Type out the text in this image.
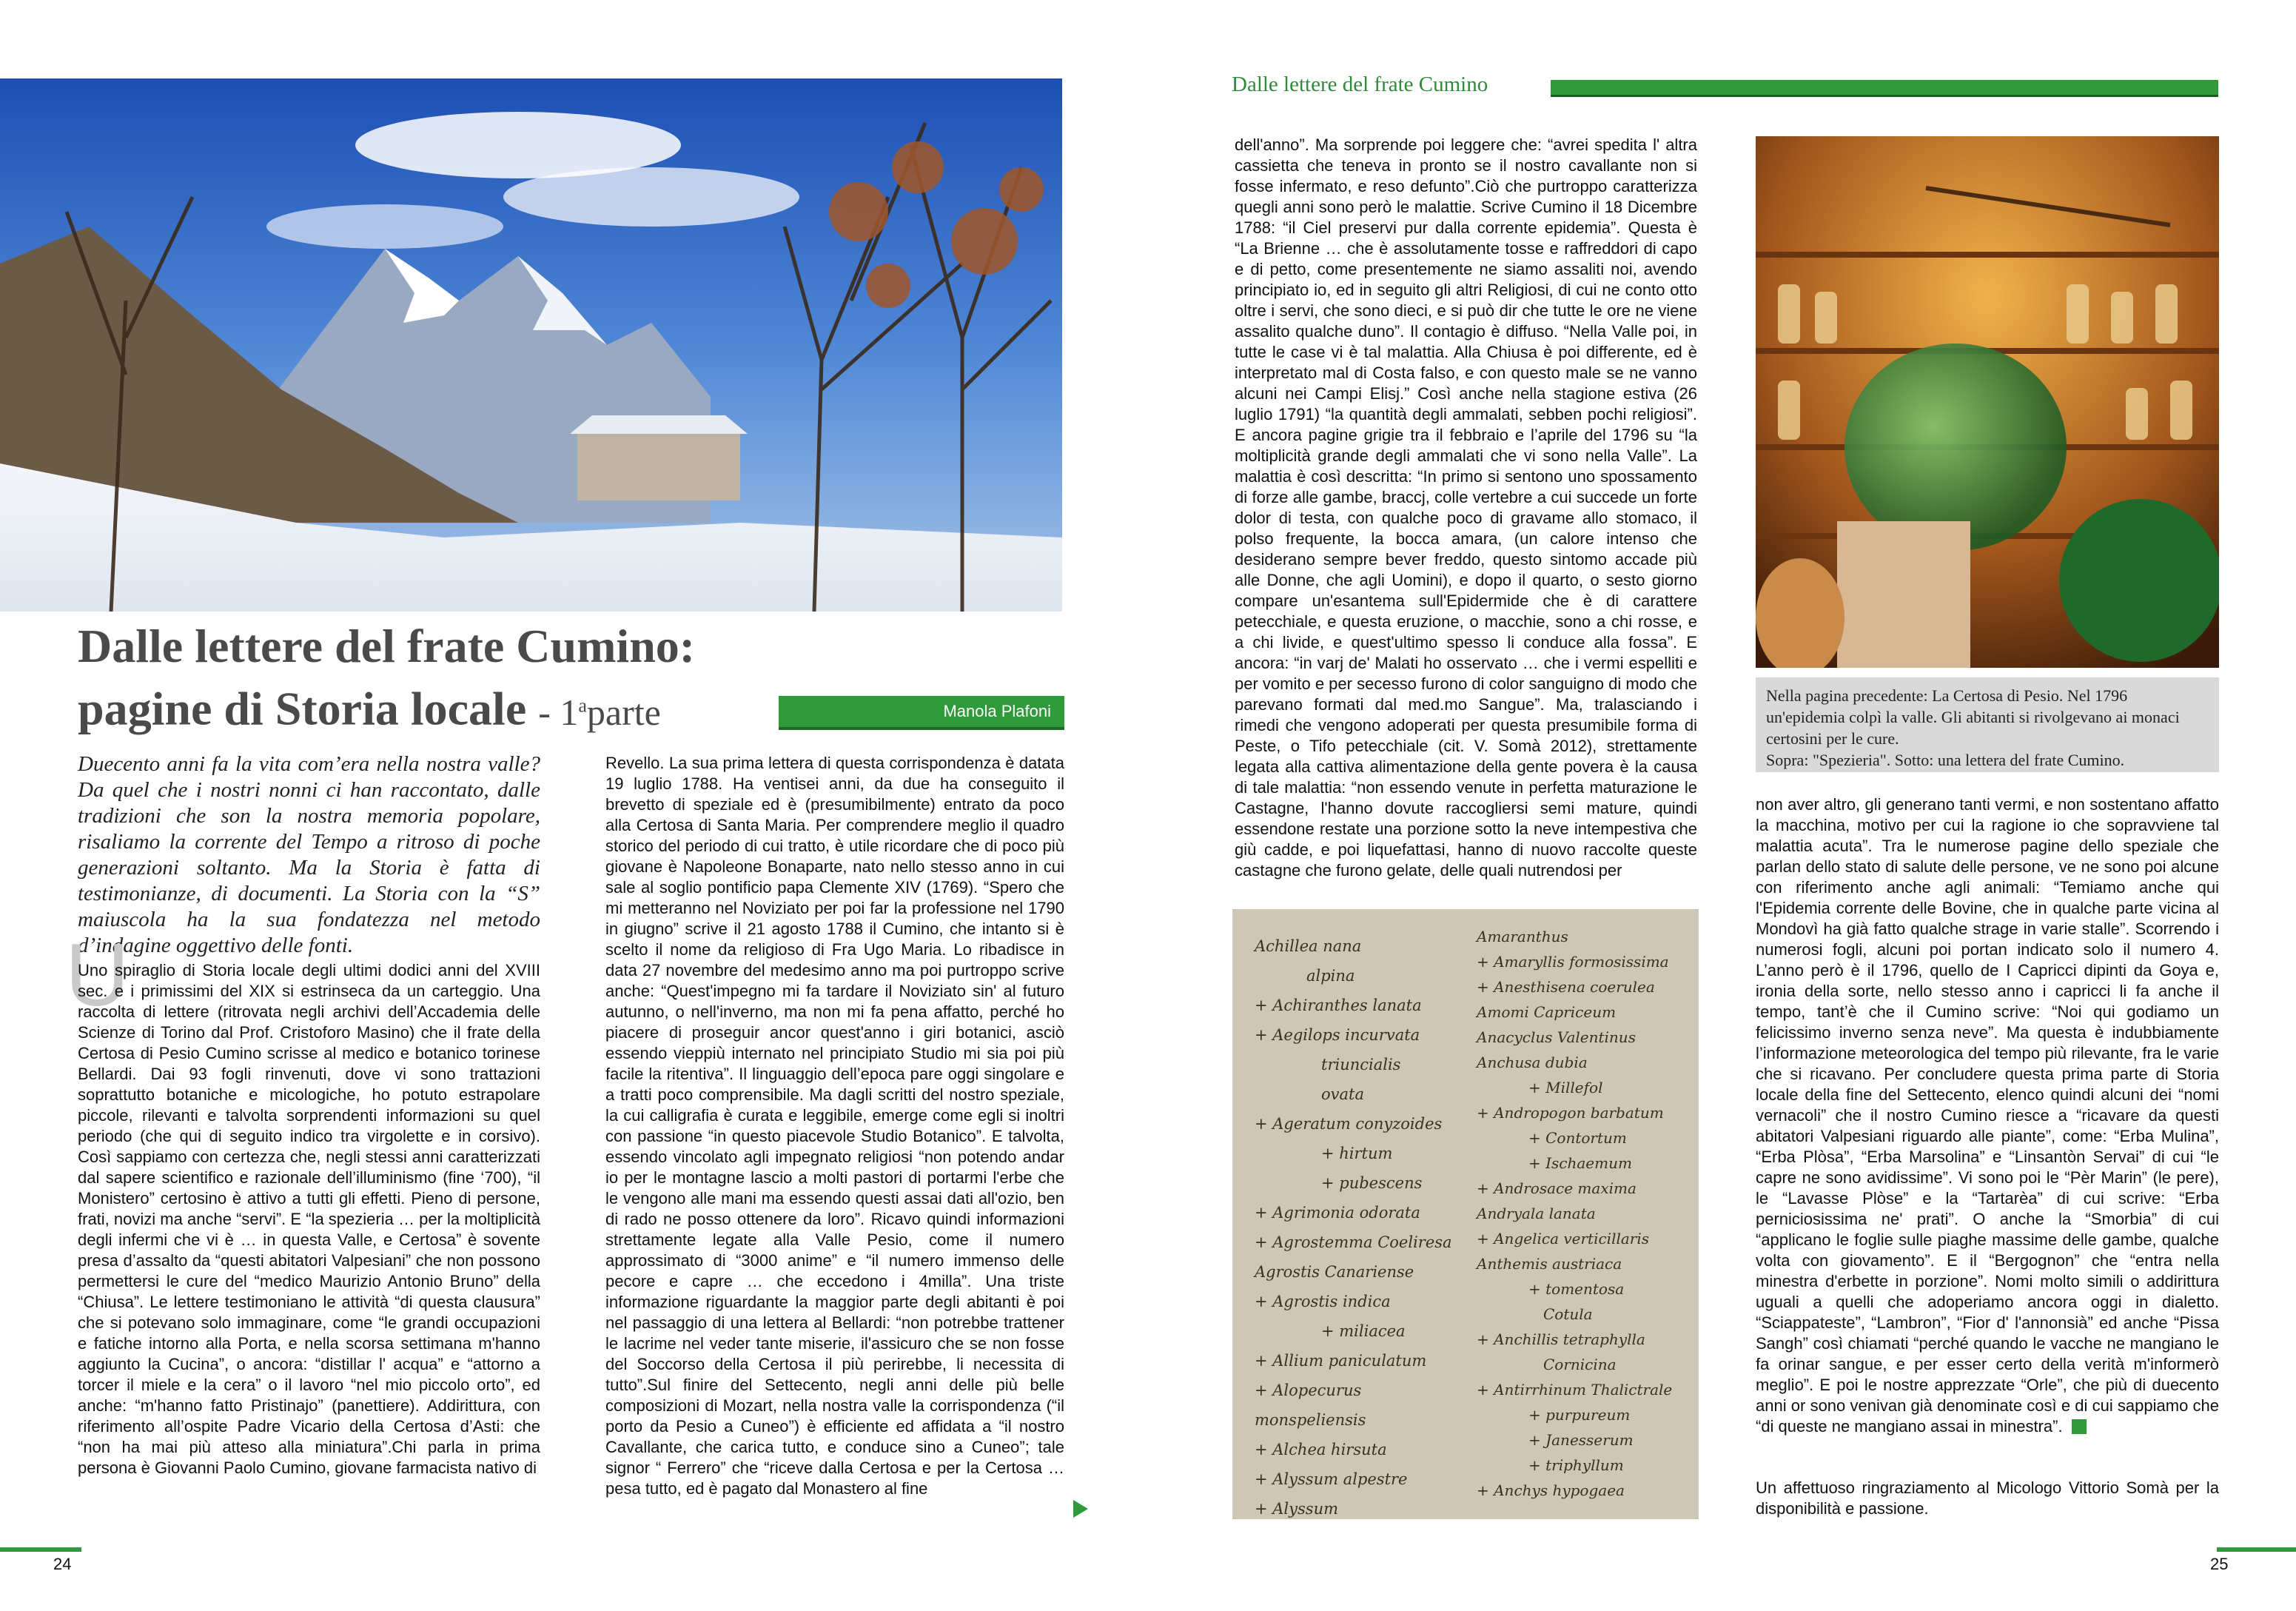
Dalle lettere del frate Cumino:
pagine di Storia locale - 1$^a$parte	Manola Plafoni
Duecento anni fa la vita com’era nella nostra valle? Da quel che i nostri nonni ci han raccontato, dalle tradizioni che son la nostra memoria popolare, risaliamo la corrente del Tempo a ritroso di poche generazioni soltanto. Ma la Storia è fatta di testimonianze, di documenti. La Storia con la “S” maiuscola ha la sua fondatezza nel metodo d’indagine oggettivo delle fonti.
U
Uno spiraglio di Storia locale degli ultimi dodici anni del XVIII sec. e i primissimi del XIX si estrinseca da un carteggio. Una raccolta di lettere (ritrovata negli archivi dell’Accademia delle Scienze di Torino dal Prof. Cristoforo Masino) che il frate della Certosa di Pesio Cumino scrisse al medico e botanico torinese Bellardi. Dai 93 fogli rinvenuti, dove vi sono trattazioni soprattutto botaniche e micologiche, ho potuto estrapolare piccole, rilevanti e talvolta sorprendenti informazioni su quel periodo (che qui di seguito indico tra virgolette e in corsivo). Così sappiamo con certezza che, negli stessi anni caratterizzati dal sapere scientifico e razionale dell’illuminismo (fine ‘700), “il Monistero” certosino è attivo a tutti gli effetti. Pieno di persone, frati, novizi ma anche “servi”. E “la spezieria … per la moltiplicità degli infermi che vi è … in questa Valle, e Certosa” è sovente presa d’assalto da “questi abitatori Valpesiani” che non possono permettersi le cure del “medico Maurizio Antonio Bruno” della “Chiusa”. Le lettere testimoniano le attività “di questa clausura” che si potevano solo immaginare, come “le grandi occupazioni e fatiche intorno alla Porta, e nella scorsa settimana m'hanno aggiunto la Cucina”, o ancora: “distillar l' acqua” e “attorno a torcer il miele e la cera” o il lavoro “nel mio piccolo orto”, ed anche: “m'hanno fatto Pristinajo” (panettiere). Addirittura, con riferimento all’ospite Padre Vicario della Certosa d’Asti: che “non ha mai più atteso alla miniatura”.Chi parla in prima persona è Giovanni Paolo Cumino, giovane farmacista nativo di
Revello. La sua prima lettera di questa corrispondenza è datata 19 luglio 1788. Ha ventisei anni, da due ha conseguito il brevetto di speziale ed è (presumibilmente) entrato da poco alla Certosa di Santa Maria. Per comprendere meglio il quadro storico del periodo di cui tratto, è utile ricordare che di poco più giovane è Napoleone Bonaparte, nato nello stesso anno in cui sale al soglio pontificio papa Clemente XIV (1769). “Spero che mi metteranno nel Noviziato per poi far la professione nel 1790 in giugno” scrive il 21 agosto 1788 il Cumino, che intanto si è scelto il nome da religioso di Fra Ugo Maria. Lo ribadisce in data 27 novembre del medesimo anno ma poi purtroppo scrive anche: “Quest'impegno mi fa tardare il Noviziato sin' al futuro autunno, o nell'inverno, ma non mi fa pena affatto, perché ho piacere di proseguir ancor quest'anno i giri botanici, asciò essendo vieppiù internato nel principiato Studio mi sia poi più facile la ritentiva”. Il linguaggio dell’epoca pare oggi singolare e a tratti poco comprensibile. Ma dagli scritti del nostro speziale, la cui calligrafia è curata e leggibile, emerge come egli si inoltri con passione “in questo piacevole Studio Botanico”. E talvolta, essendo vincolato agli impegnato religiosi “non potendo andar io per le montagne lascio a molti pastori di portarmi l'erbe che le vengono alle mani ma essendo questi assai dati all'ozio, ben di rado ne posso ottenere da loro”. Ricavo quindi informazioni strettamente legate alla Valle Pesio, come il numero approssimato di “3000 anime” e “il numero immenso delle pecore e capre … che eccedono i 4milla”. Una triste informazione riguardante la maggior parte degli abitanti è poi nel passaggio di una lettera al Bellardi: “non potrebbe trattener le lacrime nel veder tante miserie, il'assicuro che se non fosse del Soccorso della Certosa il più perirebbe, li necessita di tutto”.Sul finire del Settecento, negli anni delle più belle composizioni di Mozart, nella nostra valle la corrispondenza (“il porto da Pesio a Cuneo”) è efficiente ed affidata a “il nostro Cavallante, che carica tutto, e conduce sino a Cuneo”; tale signor “ Ferrero” che “riceve dalla Certosa e per la Certosa … pesa tutto, ed è pagato dal Monastero al fine
24
Dalle lettere del frate Cumino
dell'anno”. Ma sorprende poi leggere che: “avrei spedita l' altra cassietta che teneva in pronto se il nostro cavallante non si fosse infermato, e reso defunto”.Ciò che purtroppo caratterizza quegli anni sono però le malattie. Scrive Cumino il 18 Dicembre 1788: “il Ciel preservi pur dalla corrente epidemia”. Questa è “La Brienne … che è assolutamente tosse e raffreddori di capo e di petto, come presentemente ne siamo assaliti noi, avendo principiato io, ed in seguito gli altri Religiosi, di cui ne conto otto oltre i servi, che sono dieci, e si può dir che tutte le ore ne viene assalito qualche duno”. Il contagio è diffuso. “Nella Valle poi, in tutte le case vi è tal malattia. Alla Chiusa è poi differente, ed è interpretato mal di Costa falso, e con questo male se ne vanno alcuni nei Campi Elisj.” Così anche nella stagione estiva (26 luglio 1791) “la quantità degli ammalati, sebben pochi religiosi”. E ancora pagine grigie tra il febbraio e l’aprile del 1796 su “la moltiplicità grande degli ammalati che vi sono nella Valle”. La malattia è così descritta: “In primo si sentono uno spossamento di forze alle gambe, braccj, colle vertebre a cui succede un forte dolor di testa, con qualche poco di gravame allo stomaco, il polso frequente, la bocca amara, (un calore intenso che desiderano sempre bever freddo, questo sintomo accade più alle Donne, che agli Uomini), e dopo il quarto, o sesto giorno compare un'esantema sull'Epidermide che è di carattere petecchiale, e questa eruzione, o macchie, sono a chi rosse, e a chi livide, e quest'ultimo spesso li conduce alla fossa”. E ancora: “in varj de' Malati ho osservato … che i vermi espelliti e per vomito e per secesso furono di color sanguigno di modo che parevano formati dal med.mo Sangue”. Ma, tralasciando i rimedi che vengono adoperati per questa presumibile forma di Peste, o Tifo petecchiale (cit. V. Somà 2012), strettamente legata alla cattiva alimentazione della gente povera è la causa di tale malattia: “non essendo venute in perfetta maturazione le Castagne, l'hanno dovute raccogliersi semi mature, quindi essendone restate una porzione sotto la neve intempestiva che giù cadde, e poi liquefattasi, hanno di nuovo raccolte queste castagne che furono gelate, delle quali nutrendosi per
Achillea nana
alpina
+ Achiranthes lanata
+ Aegilops incurvata
triuncialis
ovata
+ Ageratum conyzoides
+ hirtum
+ pubescens
+ Agrimonia odorata
+ Agrostemma Coeliresa
Agrostis Canariense
+ Agrostis indica
+ miliacea
+ Allium paniculatum
+ Alopecurus monspeliensis
+ Alchea hirsuta
+ Alyssum alpestre
+ Alyssum
Amaranthus
+ Amaryllis formosissima
+ Anesthisena coerulea
Amomi Capriceum
Anacyclus Valentinus
Anchusa dubia
+ Millefol
+ Andropogon barbatum
+ Contortum
+ Ischaemum
+ Androsace maxima
Andryala lanata
+ Angelica verticillaris
Anthemis austriaca
+ tomentosa
Cotula
+ Anchillis tetraphylla
Cornicina
+ Antirrhinum Thalictrale
+ purpureum
+ Janesserum
+ triphyllum
+ Anchys hypogaea
Nella pagina precedente: La Certosa di Pesio. Nel 1796 un'epidemia colpì la valle. Gli abitanti si rivolgevano ai monaci certosini per le cure.
Sopra: "Spezieria". Sotto: una lettera del frate Cumino.
non aver altro, gli generano tanti vermi, e non sostentano affatto la macchina, motivo per cui la ragione io che sopravviene tal malattia acuta”. Tra le numerose pagine dello speziale che parlan dello stato di salute delle persone, ve ne sono poi alcune con riferimento anche agli animali: “Temiamo anche qui l'Epidemia corrente delle Bovine, che in qualche parte vicina al Mondovì ha già fatto qualche strage in varie stalle”. Scorrendo i numerosi fogli, alcuni poi portan indicato solo il numero 4. L’anno però è il 1796, quello de I Capricci dipinti da Goya e, ironia della sorte, nello stesso anno i capricci li fa anche il tempo, tant’è che il Cumino scrive: “Noi qui godiamo un felicissimo inverno senza neve”. Ma questa è indubbiamente l’informazione meteorologica del tempo più rilevante, fra le varie che si ricavano. Per concludere questa prima parte di Storia locale della fine del Settecento, elenco quindi alcuni dei “nomi vernacoli” che il nostro Cumino riesce a “ricavare da questi abitatori Valpesiani riguardo alle piante”, come: “Erba Mulina”, “Erba Plòsa”, “Erba Marsolina” e “Linsantòn Servai” di cui “le capre ne sono avidissime”. Vi sono poi le “Pèr Marin” (le pere), le “Lavasse Plòse” e la “Tartarèa” di cui scrive: “Erba perniciosissima ne' prati”. O anche la “Smorbia” di cui “applicano le foglie sulle piaghe massime delle gambe, qualche volta con giovamento”. E il “Bergognon” che “entra nella minestra d'erbette in porzione”. Nomi molto simili o addirittura uguali a quelli che adoperiamo ancora oggi in dialetto. “Sciappateste”, “Lambron”, “Fior d' l'annonsià” ed anche “Pissa Sangh” così chiamati “perché quando le vacche ne mangiano le fa orinar sangue, e per esser certo della verità m'informerò meglio”. E poi le nostre apprezzate “Orle”, che più di duecento anni or sono venivan già denominate così e di cui sappiamo che “di queste ne mangiano assai in minestra”.
Un affettuoso ringraziamento al Micologo Vittorio Somà per la disponibilità e passione.
25
